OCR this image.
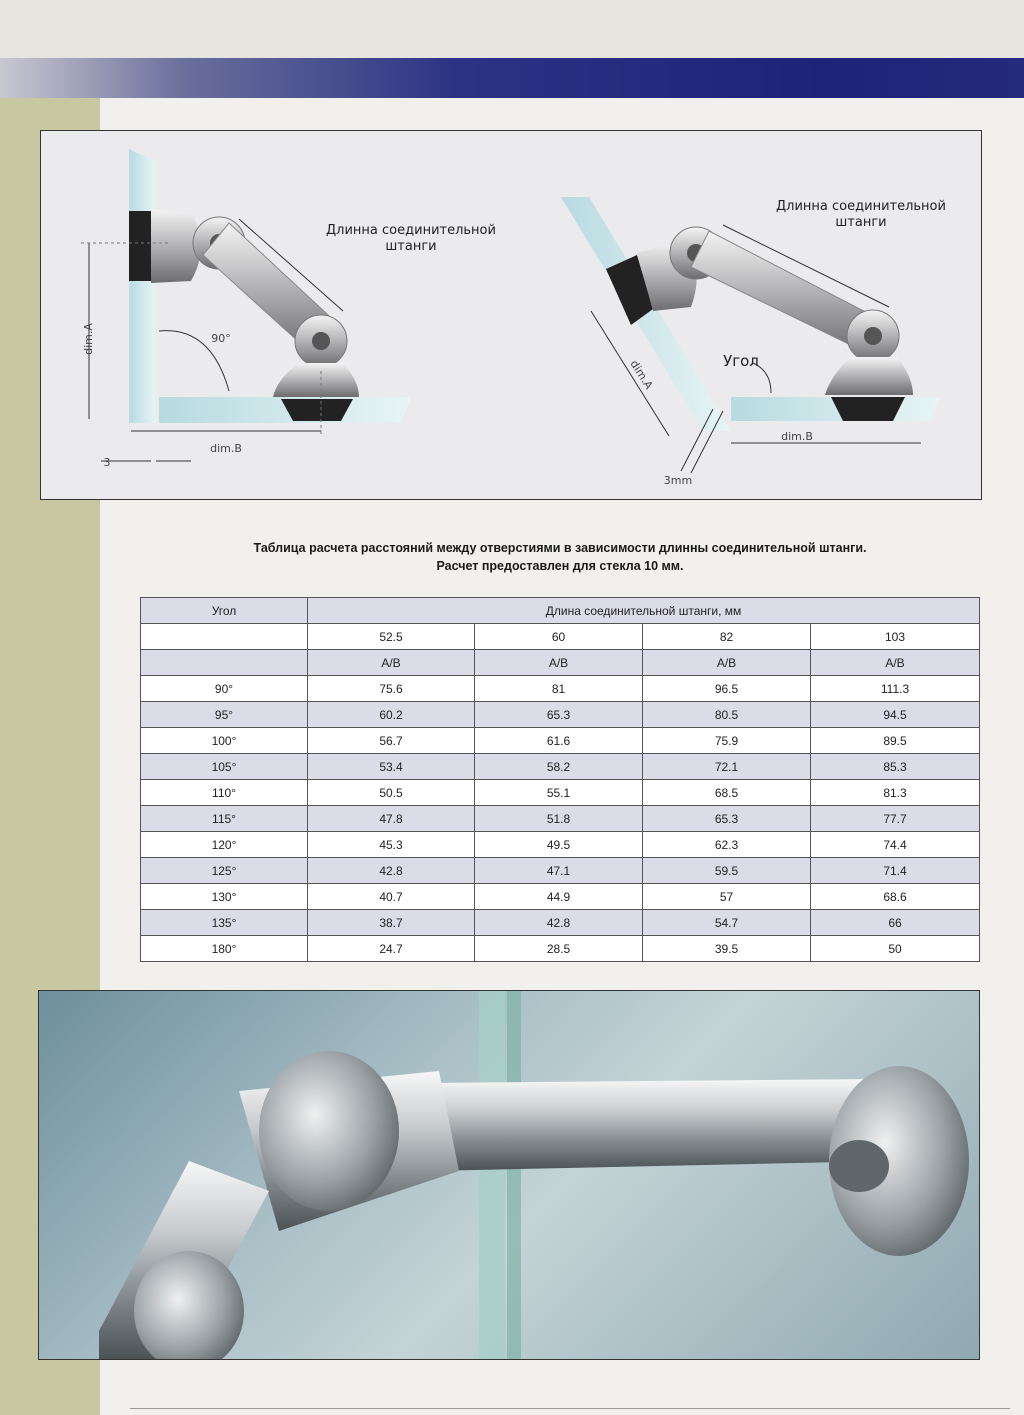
Длинна соединительной
штанги
90°
dim.A
dim.B
3
Длинна соединительной
штанги
Угол
dim.A
dim.B
3mm
Таблица расчета расстояний между отверстиями в зависимости длинны соединительной штанги.
Расчет предоставлен для стекла 10 мм.
Угол	Длина соединительной штанги, мм			
	52.5	60	82	103
	A/B	A/B	A/B	A/B
90°	75.6	81	96.5	111.3
95°	60.2	65.3	80.5	94.5
100°	56.7	61.6	75.9	89.5
105°	53.4	58.2	72.1	85.3
110°	50.5	55.1	68.5	81.3
115°	47.8	51.8	65.3	77.7
120°	45.3	49.5	62.3	74.4
125°	42.8	47.1	59.5	71.4
130°	40.7	44.9	57	68.6
135°	38.7	42.8	54.7	66
180°	24.7	28.5	39.5	50
